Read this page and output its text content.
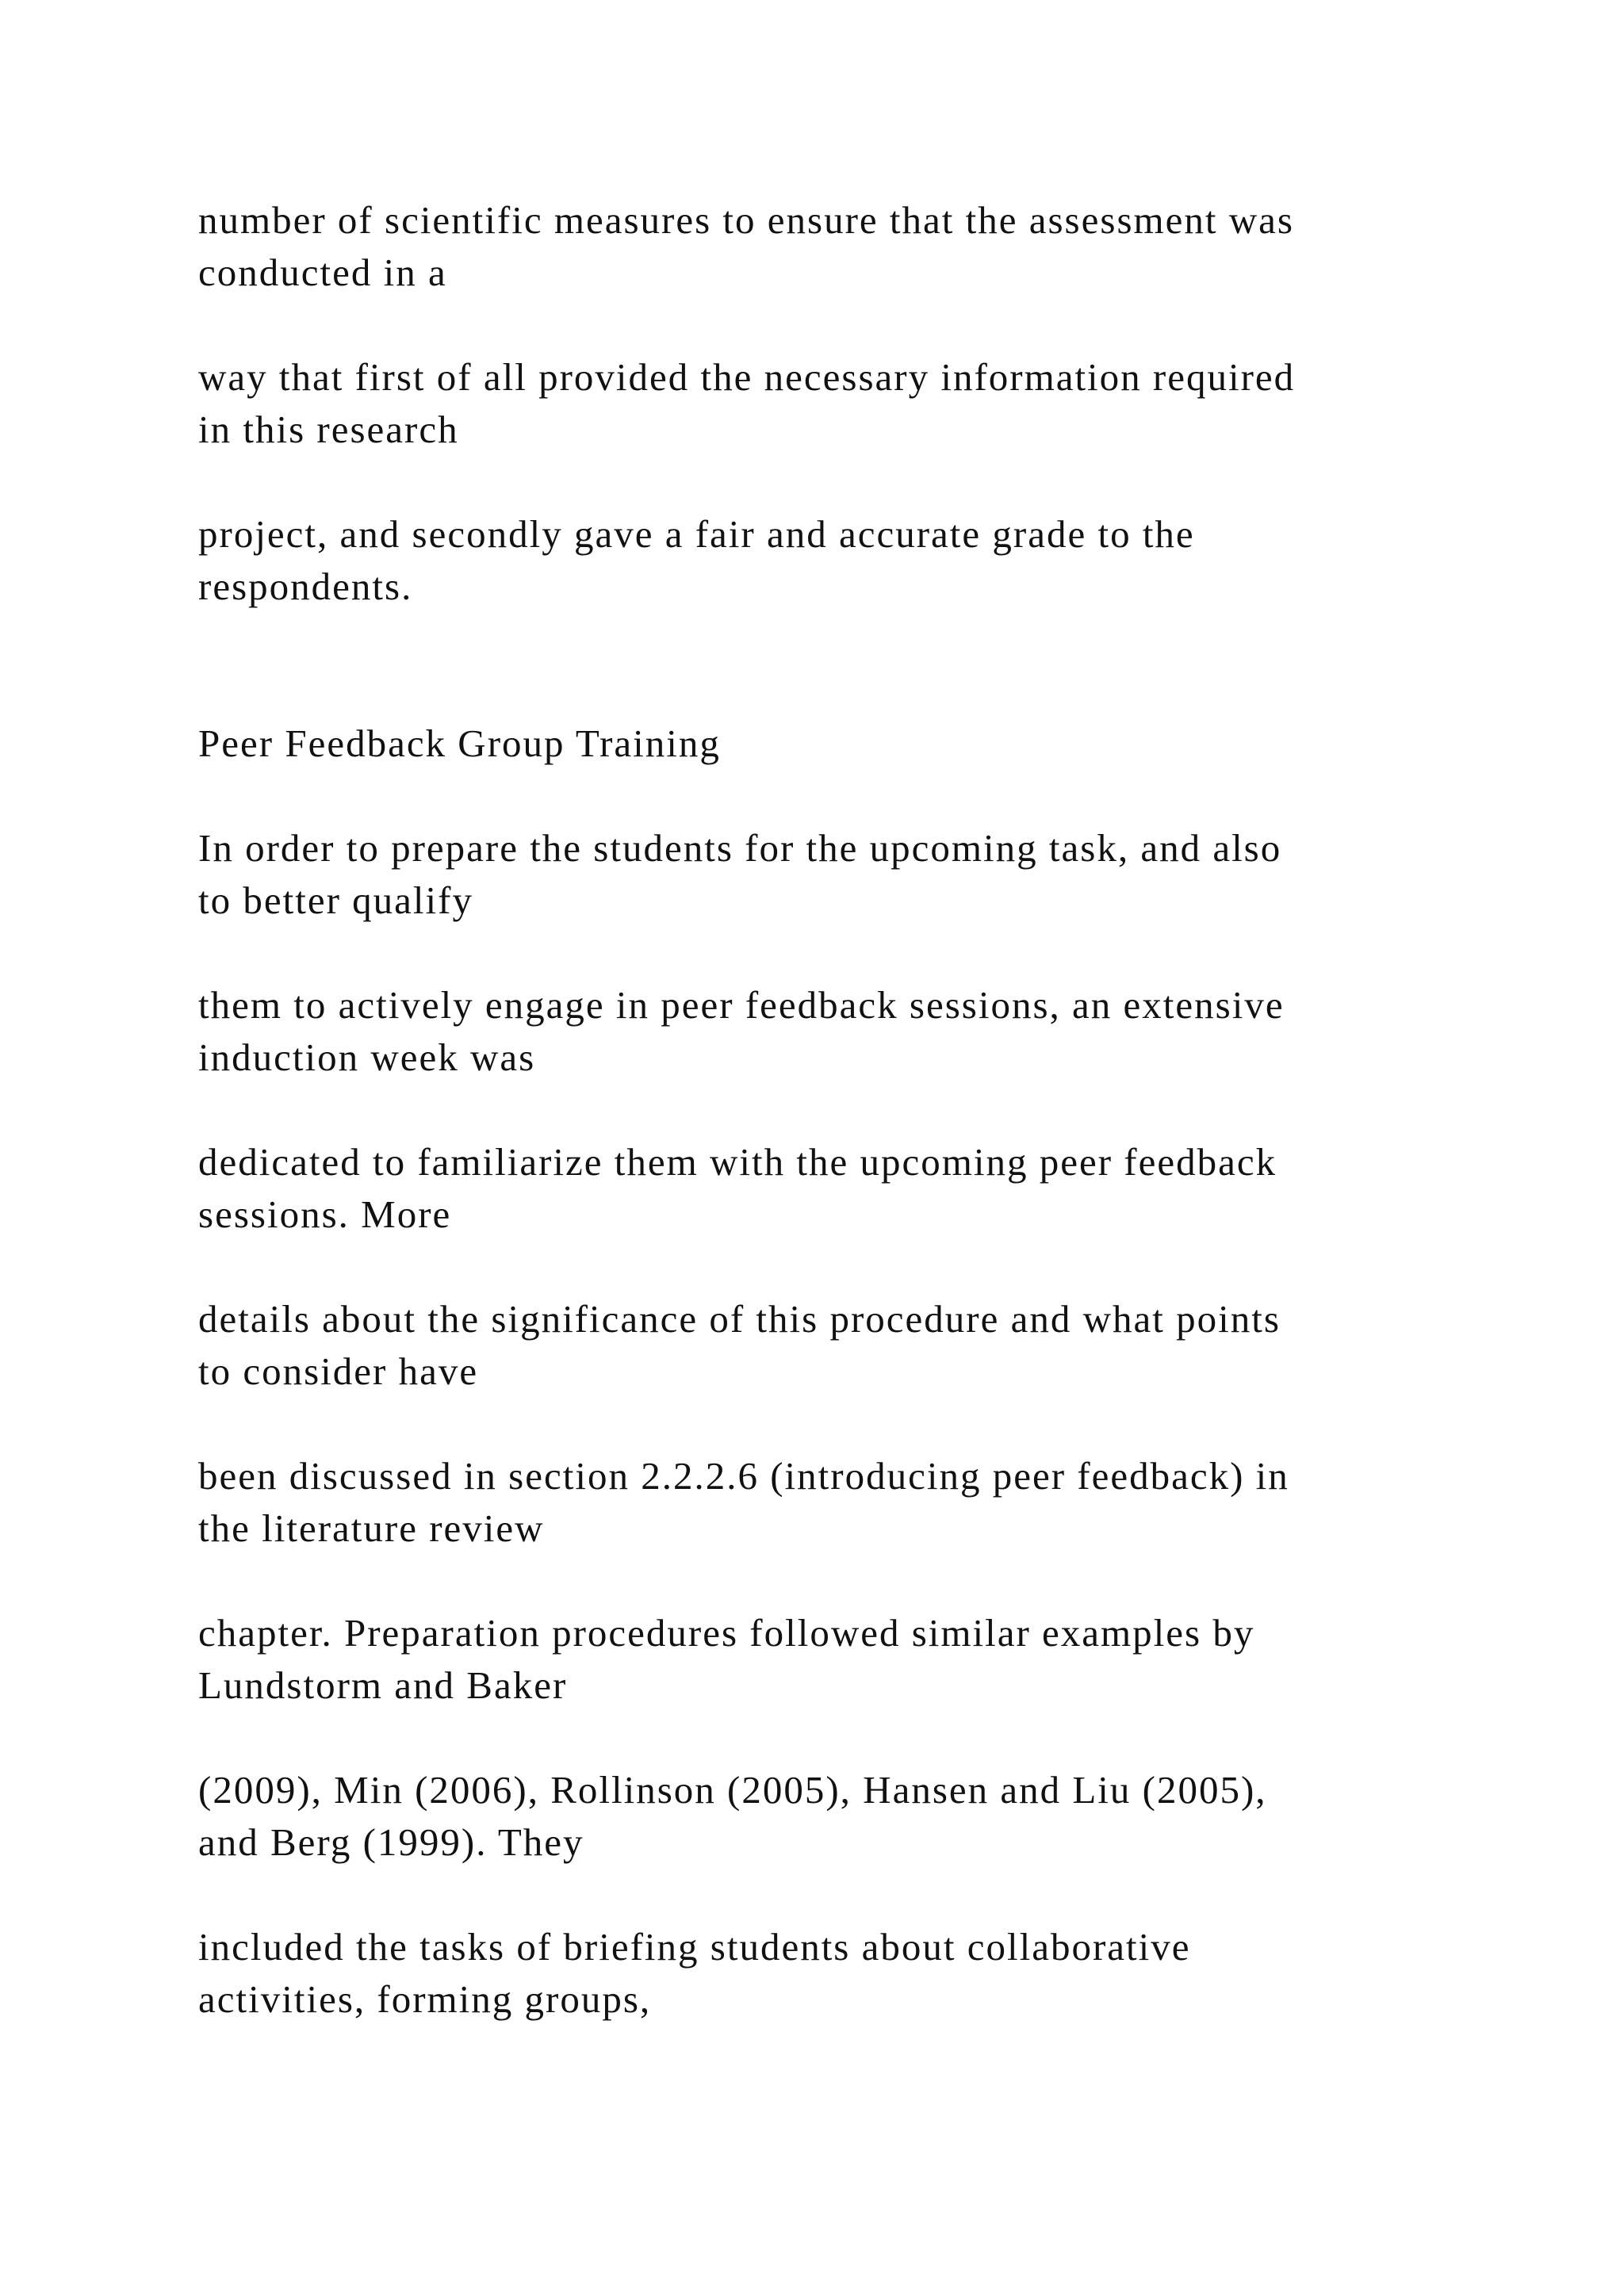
number of scientific measures to ensure that the assessment was
conducted in a

way that first of all provided the necessary information required
in this research

project, and secondly gave a fair and accurate grade to the
respondents.

Peer Feedback Group Training

In order to prepare the students for the upcoming task, and also
to better qualify

them to actively engage in peer feedback sessions, an extensive
induction week was

dedicated to familiarize them with the upcoming peer feedback
sessions. More

details about the significance of this procedure and what points
to consider have

been discussed in section 2.2.2.6 (introducing peer feedback) in
the literature review

chapter. Preparation procedures followed similar examples by
Lundstorm and Baker

(2009), Min (2006), Rollinson (2005), Hansen and Liu (2005),
and Berg (1999). They

included the tasks of briefing students about collaborative
activities, forming groups,
